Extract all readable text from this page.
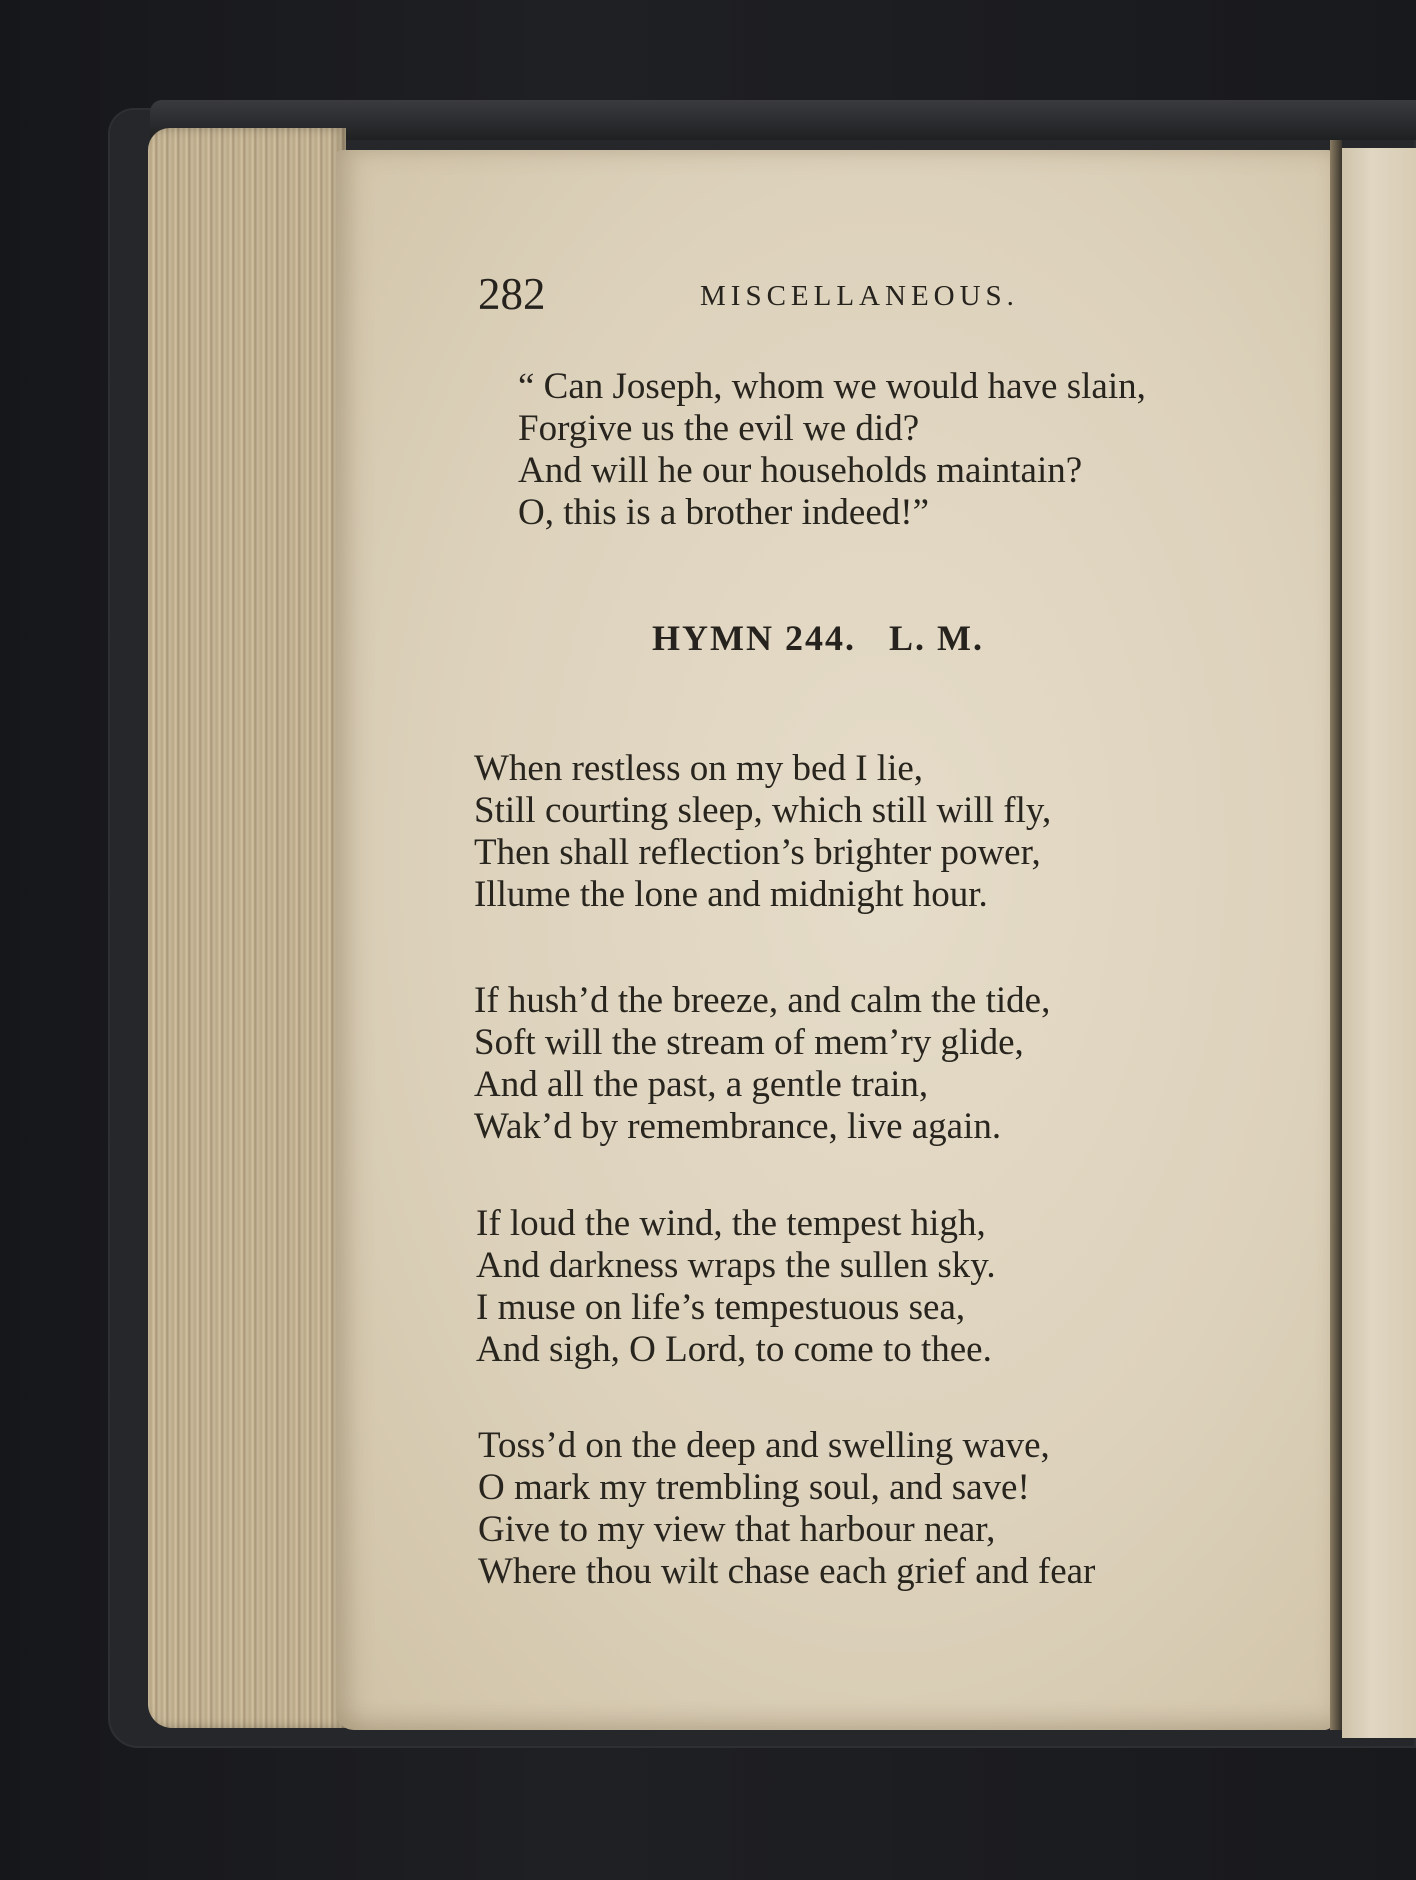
282	MISCELLANEOUS.
“ Can Joseph, whom we would have slain,
Forgive us the evil we did?
And will he our households maintain?
O, this is a brother indeed!”
HYMN 244.   L. M.
When restless on my bed I lie,
Still courting sleep, which still will fly,
Then shall reflection’s brighter power,
Illume the lone and midnight hour.
If hush’d the breeze, and calm the tide,
Soft will the stream of mem’ry glide,
And all the past, a gentle train,
Wak’d by remembrance, live again.
If loud the wind, the tempest high,
And darkness wraps the sullen sky.
I muse on life’s tempestuous sea,
And sigh, O Lord, to come to thee.
Toss’d on the deep and swelling wave,
O mark my trembling soul, and save!
Give to my view that harbour near,
Where thou wilt chase each grief and fear
